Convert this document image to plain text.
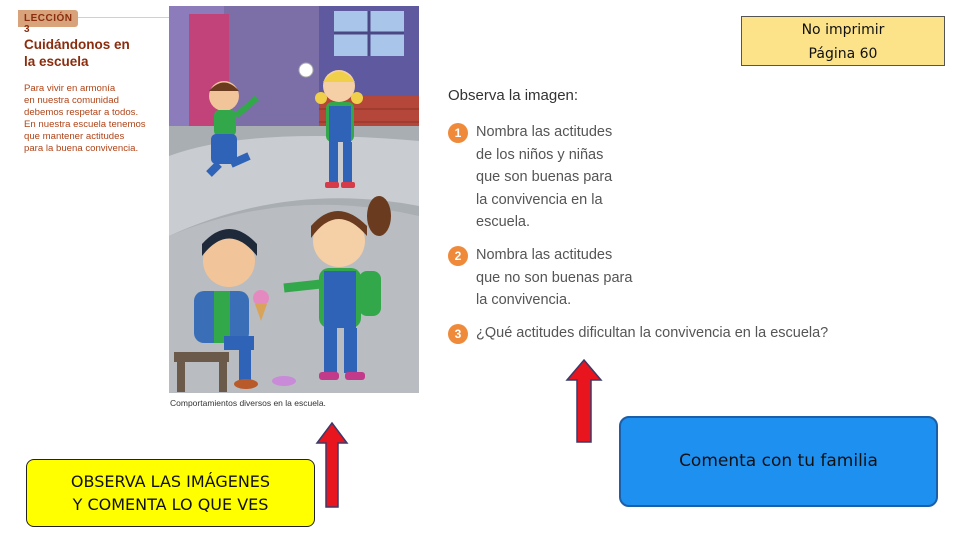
LECCIÓN 3
Cuidándonos en
la escuela
Para vivir en armonía
en nuestra comunidad
debemos respetar a todos.
En nuestra escuela tenemos
que mantener actitudes
para la buena convivencia.
Comportamientos diversos en la escuela.
Observa la imagen:
1	Nombra las actitudes
de los niños y niñas
que son buenas para
la convivencia en la
escuela.
2	Nombra las actitudes
que no son buenas para
la convivencia.
3	¿Qué actitudes dificultan la convivencia en la escuela?
No imprimir
Página 60
OBSERVA LAS IMÁGENES
Y COMENTA LO QUE VES
Comenta con tu familia
